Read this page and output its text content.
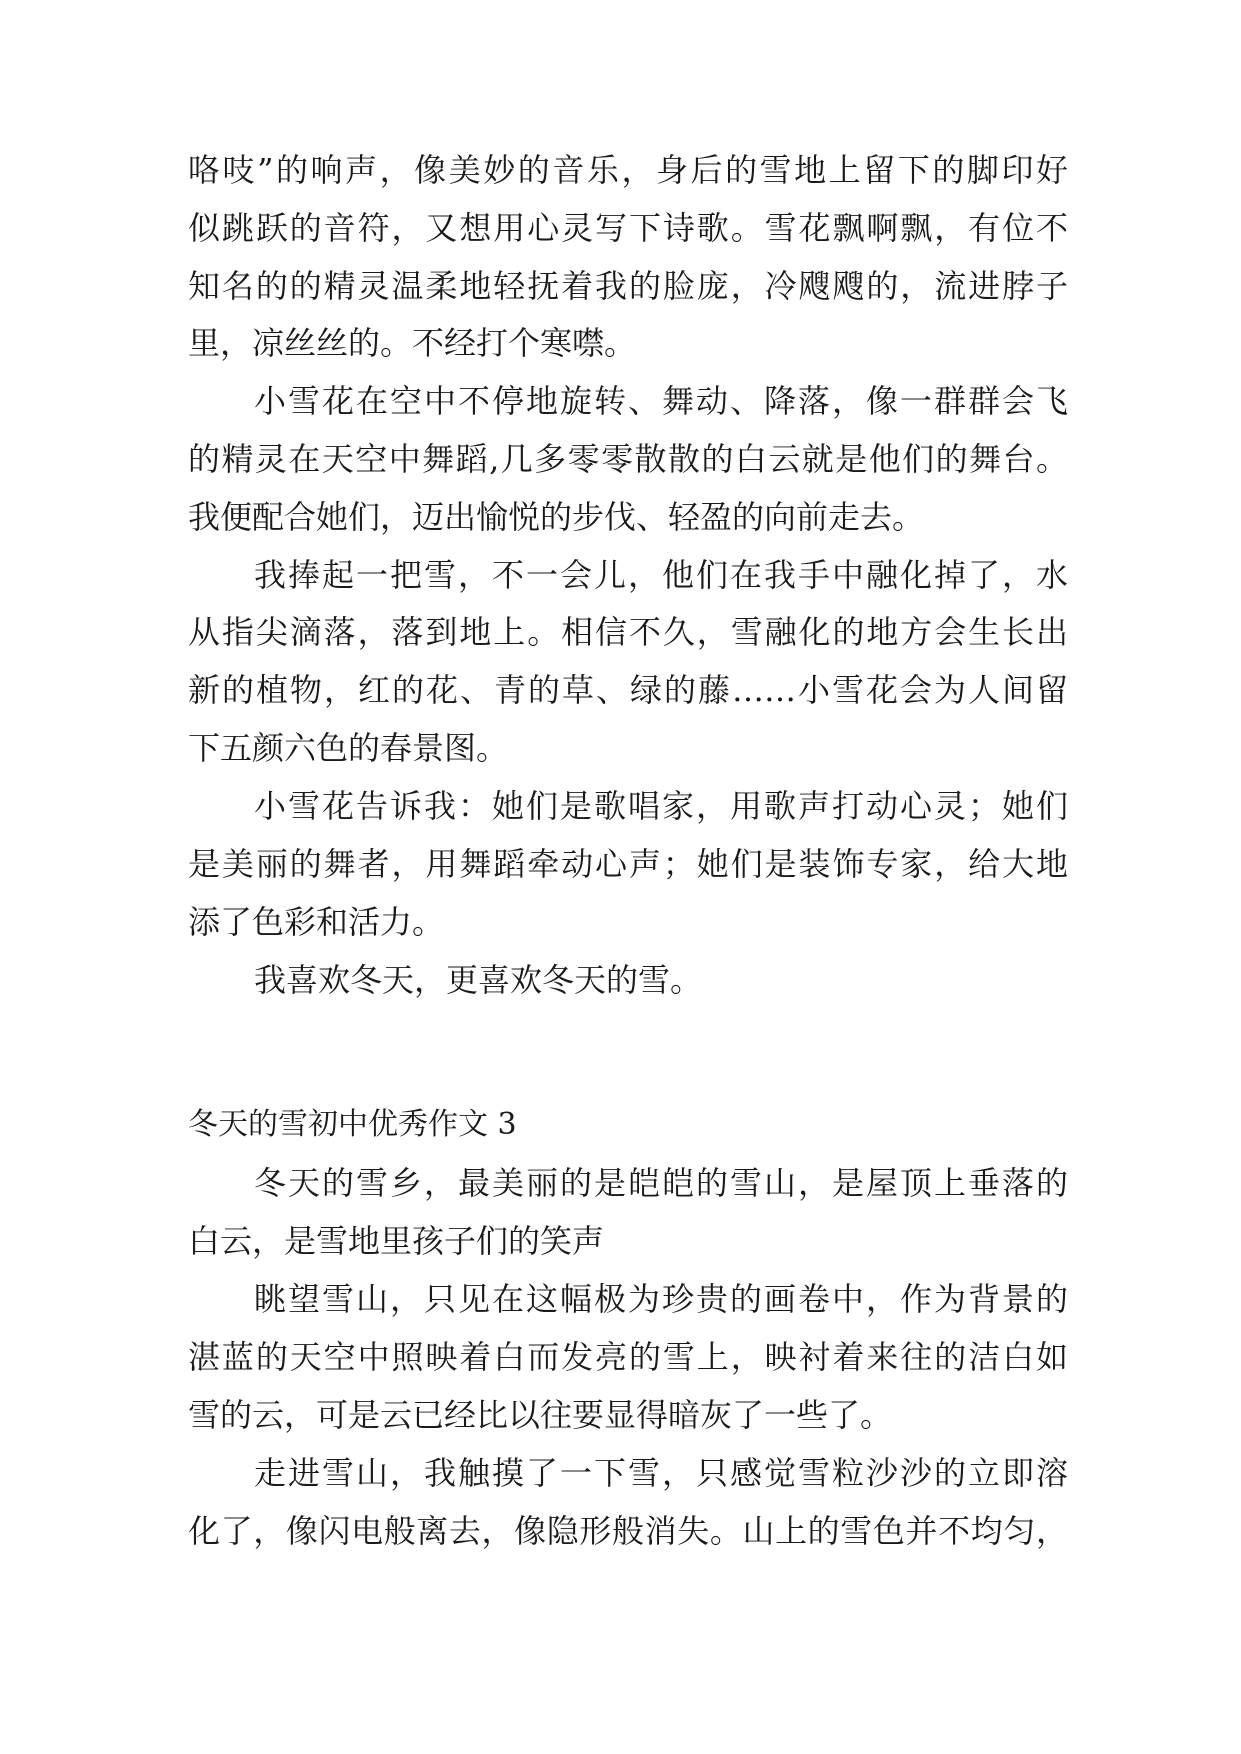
咯吱”的响声，像美妙的音乐，身后的雪地上留下的脚印好
似跳跃的音符，又想用心灵写下诗歌。雪花飘啊飘，有位不
知名的的精灵温柔地轻抚着我的脸庞，冷飕飕的，流进脖子
里，凉丝丝的。不经打个寒噤。
小雪花在空中不停地旋转、舞动、降落，像一群群会飞
的精灵在天空中舞蹈,几多零零散散的白云就是他们的舞台。
我便配合她们，迈出愉悦的步伐、轻盈的向前走去。
我捧起一把雪，不一会儿，他们在我手中融化掉了，水
从指尖滴落，落到地上。相信不久，雪融化的地方会生长出
新的植物，红的花、青的草、绿的藤……小雪花会为人间留
下五颜六色的春景图。
小雪花告诉我：她们是歌唱家，用歌声打动心灵；她们
是美丽的舞者，用舞蹈牵动心声；她们是装饰专家，给大地
添了色彩和活力。
我喜欢冬天，更喜欢冬天的雪。
冬天的雪初中优秀作文 3
冬天的雪乡，最美丽的是皑皑的雪山，是屋顶上垂落的
白云，是雪地里孩子们的笑声
眺望雪山，只见在这幅极为珍贵的画卷中，作为背景的
湛蓝的天空中照映着白而发亮的雪上，映衬着来往的洁白如
雪的云，可是云已经比以往要显得暗灰了一些了。
走进雪山，我触摸了一下雪，只感觉雪粒沙沙的立即溶
化了，像闪电般离去，像隐形般消失。山上的雪色并不均匀，
